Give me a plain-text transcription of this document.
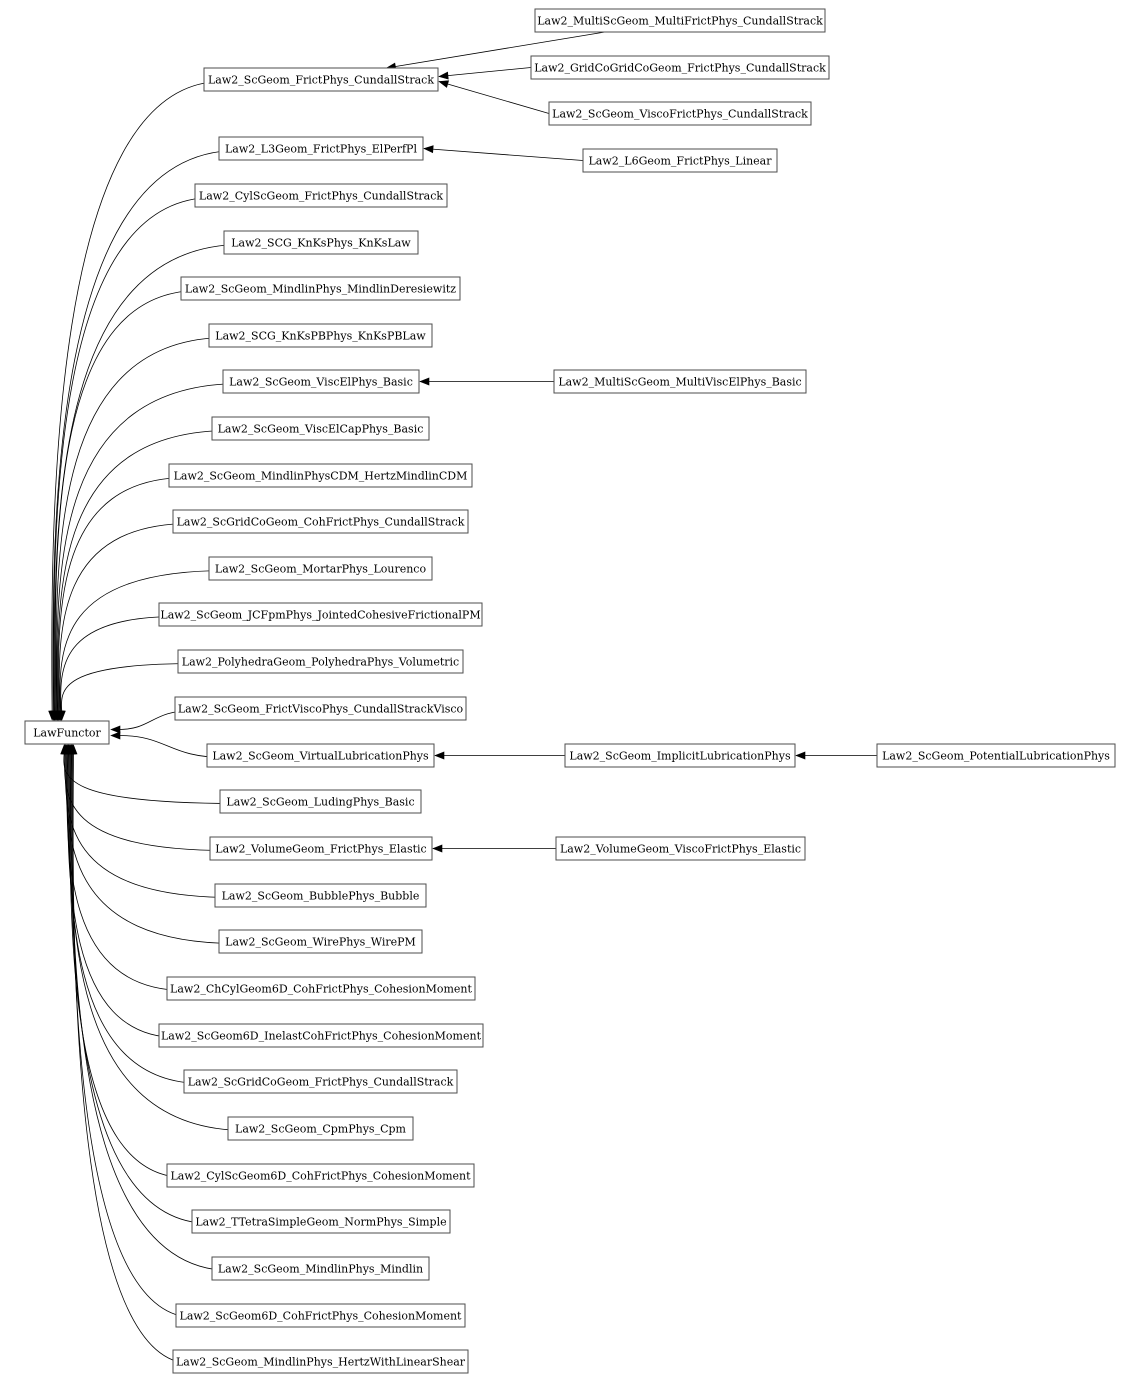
LawFunctor
Law2_ScGeom_FrictPhys_CundallStrack
Law2_L3Geom_FrictPhys_ElPerfPl
Law2_CylScGeom_FrictPhys_CundallStrack
Law2_SCG_KnKsPhys_KnKsLaw
Law2_ScGeom_MindlinPhys_MindlinDeresiewitz
Law2_SCG_KnKsPBPhys_KnKsPBLaw
Law2_ScGeom_ViscElPhys_Basic
Law2_ScGeom_ViscElCapPhys_Basic
Law2_ScGeom_MindlinPhysCDM_HertzMindlinCDM
Law2_ScGridCoGeom_CohFrictPhys_CundallStrack
Law2_ScGeom_MortarPhys_Lourenco
Law2_ScGeom_JCFpmPhys_JointedCohesiveFrictionalPM
Law2_PolyhedraGeom_PolyhedraPhys_Volumetric
Law2_ScGeom_FrictViscoPhys_CundallStrackVisco
Law2_ScGeom_VirtualLubricationPhys
Law2_ScGeom_LudingPhys_Basic
Law2_VolumeGeom_FrictPhys_Elastic
Law2_ScGeom_BubblePhys_Bubble
Law2_ScGeom_WirePhys_WirePM
Law2_ChCylGeom6D_CohFrictPhys_CohesionMoment
Law2_ScGeom6D_InelastCohFrictPhys_CohesionMoment
Law2_ScGridCoGeom_FrictPhys_CundallStrack
Law2_ScGeom_CpmPhys_Cpm
Law2_CylScGeom6D_CohFrictPhys_CohesionMoment
Law2_TTetraSimpleGeom_NormPhys_Simple
Law2_ScGeom_MindlinPhys_Mindlin
Law2_ScGeom6D_CohFrictPhys_CohesionMoment
Law2_ScGeom_MindlinPhys_HertzWithLinearShear
Law2_MultiScGeom_MultiFrictPhys_CundallStrack
Law2_GridCoGridCoGeom_FrictPhys_CundallStrack
Law2_ScGeom_ViscoFrictPhys_CundallStrack
Law2_L6Geom_FrictPhys_Linear
Law2_MultiScGeom_MultiViscElPhys_Basic
Law2_ScGeom_ImplicitLubricationPhys
Law2_VolumeGeom_ViscoFrictPhys_Elastic
Law2_ScGeom_PotentialLubricationPhys
